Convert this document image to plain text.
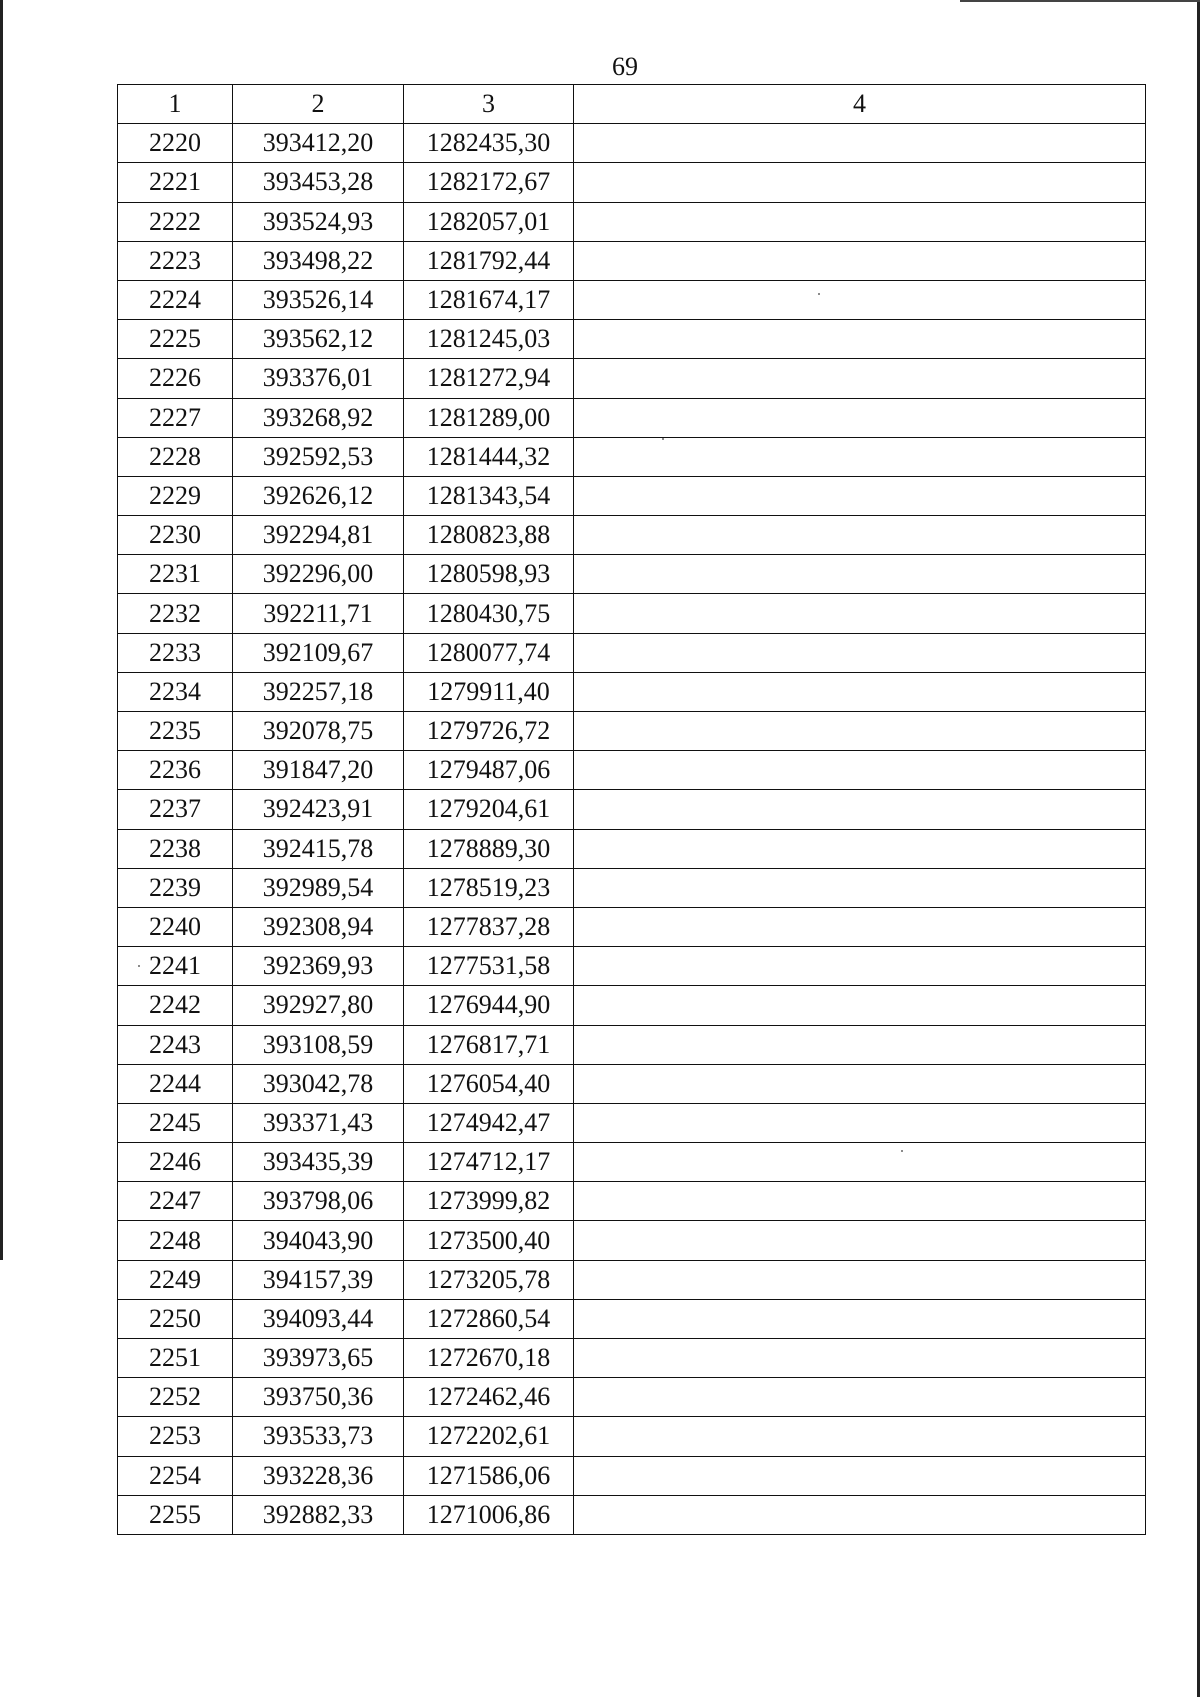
69
1	2	3	4
2220	393412,20	1282435,30	
2221	393453,28	1282172,67	
2222	393524,93	1282057,01	
2223	393498,22	1281792,44	
2224	393526,14	1281674,17	
2225	393562,12	1281245,03	
2226	393376,01	1281272,94	
2227	393268,92	1281289,00	
2228	392592,53	1281444,32	
2229	392626,12	1281343,54	
2230	392294,81	1280823,88	
2231	392296,00	1280598,93	
2232	392211,71	1280430,75	
2233	392109,67	1280077,74	
2234	392257,18	1279911,40	
2235	392078,75	1279726,72	
2236	391847,20	1279487,06	
2237	392423,91	1279204,61	
2238	392415,78	1278889,30	
2239	392989,54	1278519,23	
2240	392308,94	1277837,28	
2241	392369,93	1277531,58	
2242	392927,80	1276944,90	
2243	393108,59	1276817,71	
2244	393042,78	1276054,40	
2245	393371,43	1274942,47	
2246	393435,39	1274712,17	
2247	393798,06	1273999,82	
2248	394043,90	1273500,40	
2249	394157,39	1273205,78	
2250	394093,44	1272860,54	
2251	393973,65	1272670,18	
2252	393750,36	1272462,46	
2253	393533,73	1272202,61	
2254	393228,36	1271586,06	
2255	392882,33	1271006,86	
